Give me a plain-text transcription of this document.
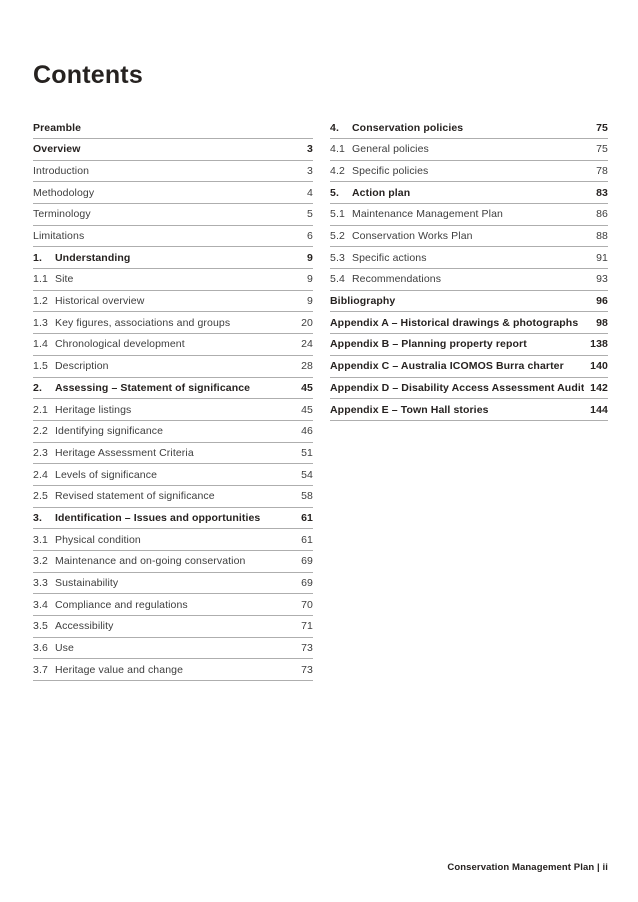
Contents
Preamble
Overview	3
Introduction	3
Methodology	4
Terminology	5
Limitations	6
1.	Understanding	9
1.1 Site	9
1.2 Historical overview	9
1.3 Key figures, associations and groups	20
1.4 Chronological development	24
1.5 Description	28
2.	Assessing – Statement of significance	45
2.1 Heritage listings	45
2.2 Identifying significance	46
2.3 Heritage Assessment Criteria	51
2.4 Levels of significance	54
2.5 Revised statement of significance	58
3.	Identification – Issues and opportunities	61
3.1 Physical condition	61
3.2 Maintenance and on-going conservation	69
3.3 Sustainability	69
3.4 Compliance and regulations	70
3.5 Accessibility	71
3.6 Use	73
3.7 Heritage value and change	73
4.	Conservation policies	75
4.1 General policies	75
4.2 Specific policies	78
5.	Action plan	83
5.1 Maintenance Management Plan	86
5.2 Conservation Works Plan	88
5.3 Specific actions	91
5.4 Recommendations	93
Bibliography	96
Appendix A – Historical drawings & photographs	98
Appendix B – Planning property report	138
Appendix C – Australia ICOMOS Burra charter	140
Appendix D – Disability Access Assessment Audit 142
Appendix E – Town Hall stories	144
Conservation Management Plan | ii
